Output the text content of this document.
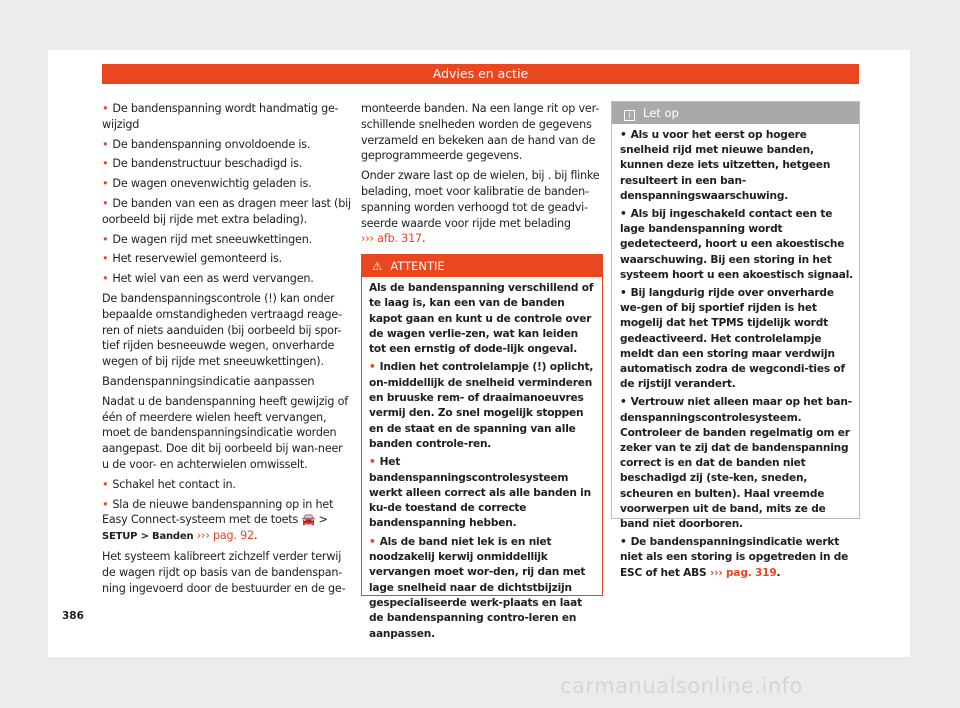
Advies en actie

• De bandenspanning wordt handmatig ge-wijzigd

• De bandenspanning onvoldoende is.

• De bandenstructuur beschadigd is.

• De wagen onevenwichtig geladen is.

• De banden van een as dragen meer last (bij oorbeeld bij rijde met extra belading).

• De wagen rijd met sneeuwkettingen.

• Het reservewiel gemonteerd is.

• Het wiel van een as werd vervangen.

De bandenspanningscontrole (!) kan onder bepaalde omstandigheden vertraagd reage-ren of niets aanduiden (bij oorbeeld bij spor-tief rijden besneeuwde wegen, onverharde wegen of bij rijde met sneeuwkettingen).

Bandenspanningsindicatie aanpassen

Nadat u de bandenspanning heeft gewijzig of één of meerdere wielen heeft vervangen, moet de bandenspanningsindicatie worden aangepast. Doe dit bij oorbeeld bij wan-neer u de voor- en achterwielen omwisselt.

• Schakel het contact in.

• Sla de nieuwe bandenspanning op in het Easy Connect-systeem met de toets 🚘 >
SETUP > Banden ››› pag. 92.

Het systeem kalibreert zichzelf verder terwij de wagen rijdt op basis van de bandenspan-ning ingevoerd door de bestuurder en de ge-

monteerde banden. Na een lange rit op ver-schillende snelheden worden de gegevens verzameld en bekeken aan de hand van de geprogrammeerde gegevens.

Onder zware last op de wielen, bij . bij flinke belading, moet voor kalibratie de banden-spanning worden verhoogd tot de geadvi-seerde waarde voor rijde met belading
››› afb. 317.

⚠ ATTENTIE

Als de bandenspanning verschillend of te laag is, kan een van de banden kapot gaan en kunt u de controle over de wagen verlie-zen, wat kan leiden tot een ernstig of dode-lijk ongeval.

• Indien het controlelampje (!) oplicht, on-middellijk de snelheid verminderen en bruuske rem- of draaimanoeuvres vermij den. Zo snel mogelijk stoppen en de staat en de spanning van alle banden controle-ren.

• Het bandenspanningscontrolesysteem werkt alleen correct als alle banden in ku-de toestand de correcte bandenspanning hebben.

• Als de band niet lek is en niet noodzakelij kerwij onmiddellijk vervangen moet wor-den, rij dan met lage snelheid naar de dichtstbijzijn gespecialiseerde werk-plaats en laat de bandenspanning contro-leren en aanpassen.

i Let op

• Als u voor het eerst op hogere snelheid rijd met nieuwe banden, kunnen deze iets uitzetten, hetgeen resulteert in een ban-denspanningswaarschuwing.

• Als bij ingeschakeld contact een te lage bandenspanning wordt gedetecteerd, hoort u een akoestische waarschuwing. Bij een storing in het systeem hoort u een akoestisch signaal.

• Bij langdurig rijde over onverharde we-gen of bij sportief rijden is het mogelij dat het TPMS tijdelijk wordt gedeactiveerd. Het controlelampje meldt dan een storing maar verdwijn automatisch zodra de wegcondi-ties of de rijstijl verandert.

• Vertrouw niet alleen maar op het ban-denspanningscontrolesysteem. Controleer de banden regelmatig om er zeker van te zij dat de bandenspanning correct is en dat de banden niet beschadigd zij (ste-ken, sneden, scheuren en bulten). Haal vreemde voorwerpen uit de band, mits ze de band niet doorboren.

• De bandenspanningsindicatie werkt niet als een storing is opgetreden in de ESC of het ABS ››› pag. 319.

386
carmanualsonline.info
